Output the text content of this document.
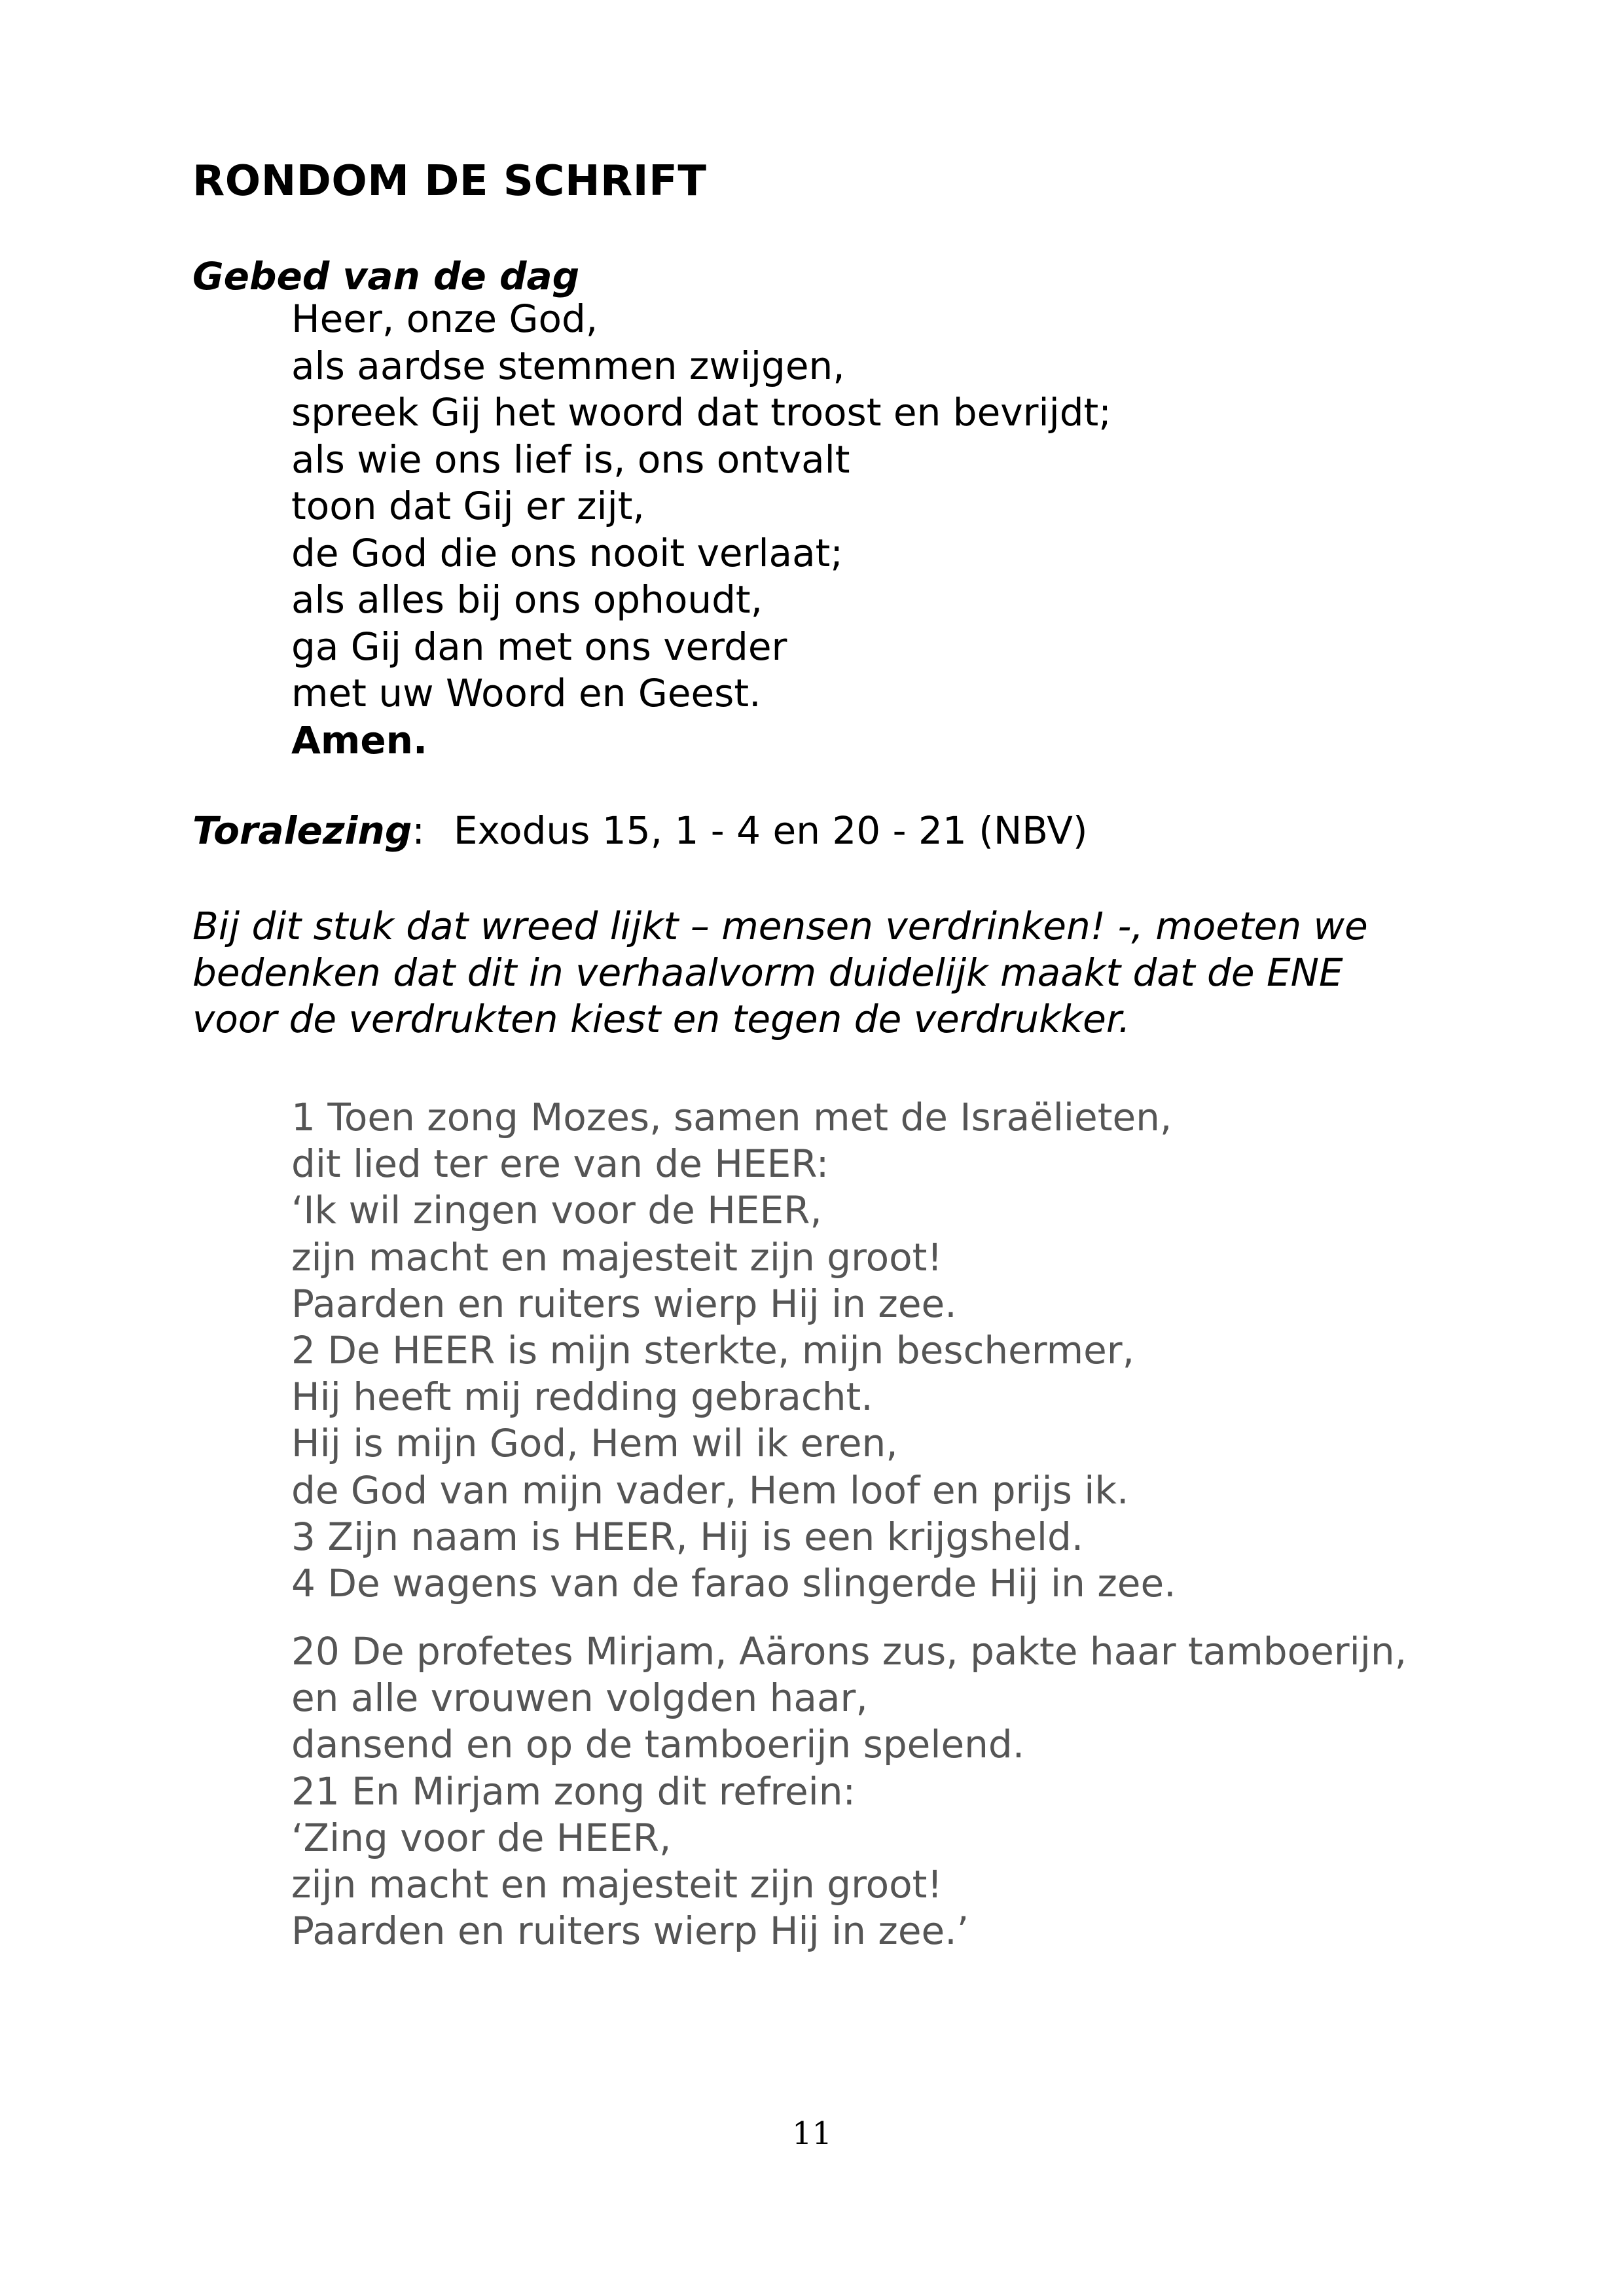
RONDOM DE SCHRIFT
Gebed van de dag
Heer, onze God,
als aardse stemmen zwijgen,
spreek Gij het woord dat troost en bevrijdt;
als wie ons lief is, ons ontvalt
toon dat Gij er zijt,
de God die ons nooit verlaat;
als alles bij ons ophoudt,
ga Gij dan met ons verder
met uw Woord en Geest.
Amen.
Toralezing: Exodus 15, 1 - 4 en 20 - 21 (NBV)

Bij dit stuk dat wreed lijkt – mensen verdrinken! -, moeten we
bedenken dat dit in verhaalvorm duidelijk maakt dat de ENE
voor de verdrukten kiest en tegen de verdrukker.

1 Toen zong Mozes, samen met de Israëlieten,
dit lied ter ere van de HEER:
‘Ik wil zingen voor de HEER,
zijn macht en majesteit zijn groot!
Paarden en ruiters wierp Hij in zee.
2 De HEER is mijn sterkte, mijn beschermer,
Hij heeft mij redding gebracht.
Hij is mijn God, Hem wil ik eren,
de God van mijn vader, Hem loof en prijs ik.
3 Zijn naam is HEER, Hij is een krijgsheld.
4 De wagens van de farao slingerde Hij in zee.
20 De profetes Mirjam, Aärons zus, pakte haar tamboerijn,
en alle vrouwen volgden haar,
dansend en op de tamboerijn spelend.
21 En Mirjam zong dit refrein:
‘Zing voor de HEER,
zijn macht en majesteit zijn groot!
Paarden en ruiters wierp Hij in zee.’
11
